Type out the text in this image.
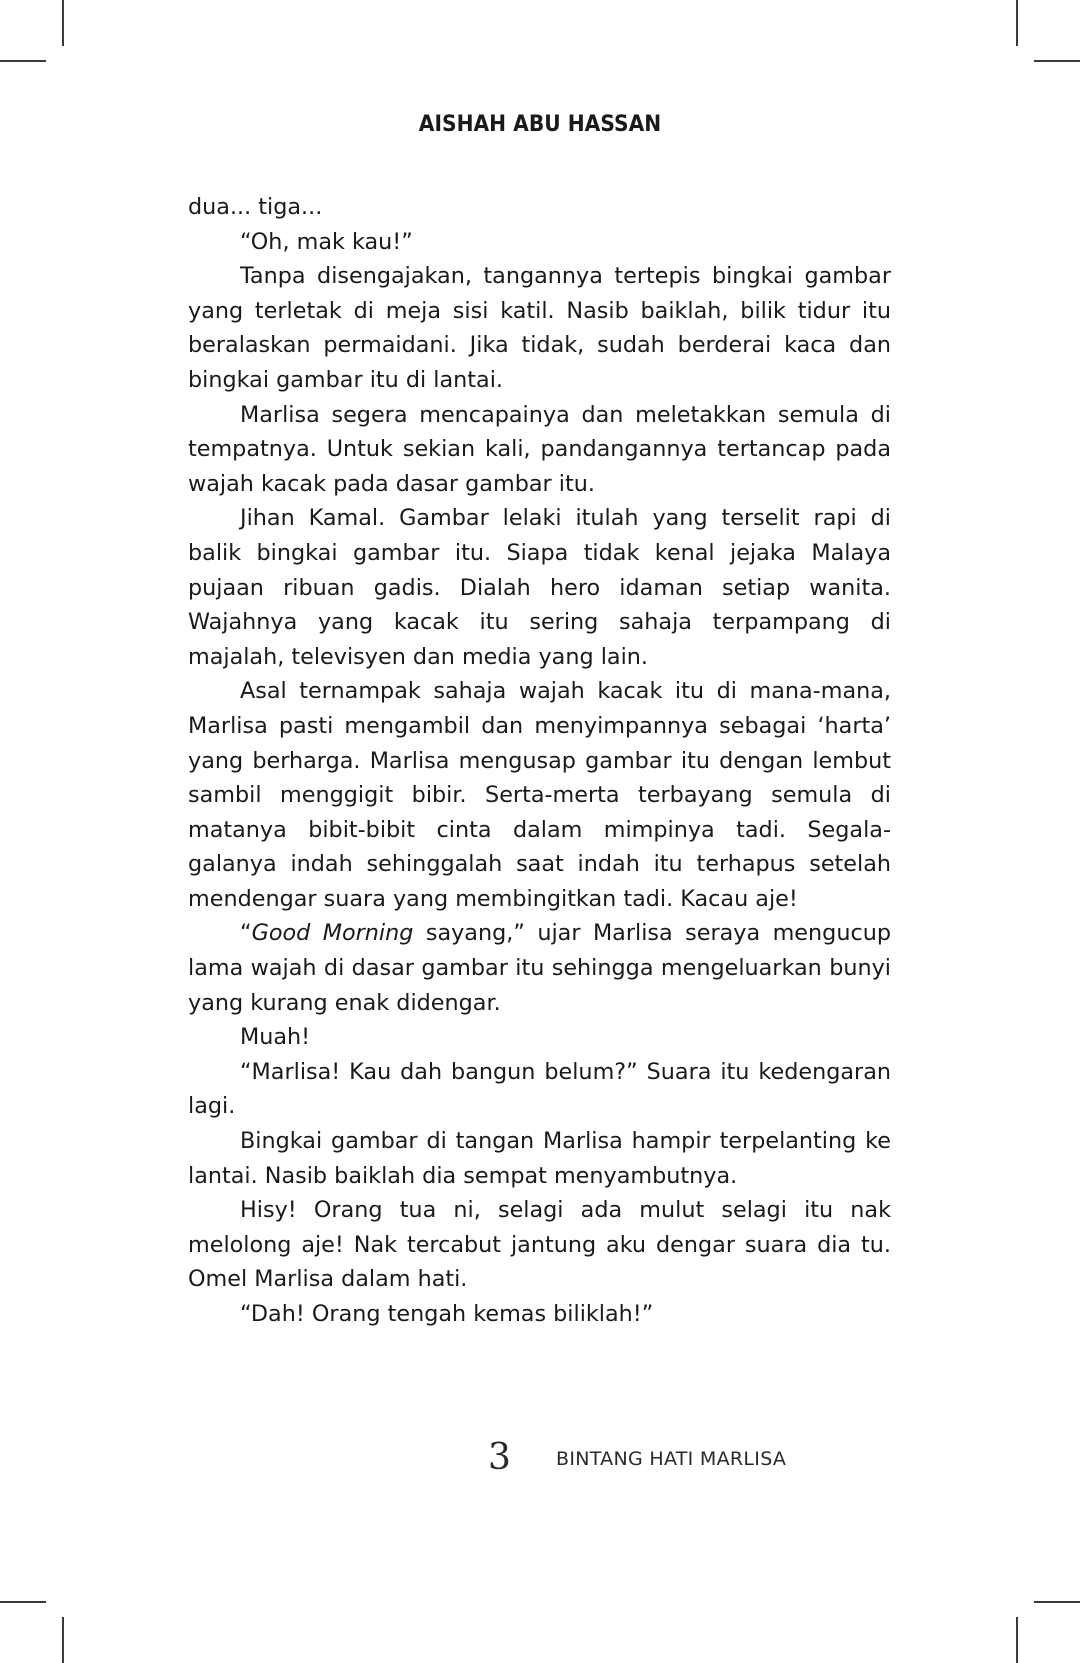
AISHAH ABU HASSAN

dua... tiga...

“Oh, mak kau!”

Tanpa disengajakan, tangannya tertepis bingkai gambar yang terletak di meja sisi katil. Nasib baiklah, bilik tidur itu beralaskan permaidani. Jika tidak, sudah berderai kaca dan bingkai gambar itu di lantai.

Marlisa segera mencapainya dan meletakkan semula di tempatnya. Untuk sekian kali, pandangannya tertancap pada wajah kacak pada dasar gambar itu.

Jihan Kamal. Gambar lelaki itulah yang terselit rapi di balik bingkai gambar itu. Siapa tidak kenal jejaka Malaya pujaan ribuan gadis. Dialah hero idaman setiap wanita. Wajahnya yang kacak itu sering sahaja terpampang di majalah, televisyen dan media yang lain.

Asal ternampak sahaja wajah kacak itu di mana-mana, Marlisa pasti mengambil dan menyimpannya sebagai ‘harta’ yang berharga. Marlisa mengusap gambar itu dengan lembut sambil menggigit bibir. Serta-merta terbayang semula di matanya bibit-bibit cinta dalam mimpinya tadi. Segala-galanya indah sehinggalah saat indah itu terhapus setelah mendengar suara yang membingitkan tadi. Kacau aje!

“Good Morning sayang,” ujar Marlisa seraya mengucup lama wajah di dasar gambar itu sehingga mengeluarkan bunyi yang kurang enak didengar.

Muah!

“Marlisa! Kau dah bangun belum?” Suara itu kedengaran lagi.

Bingkai gambar di tangan Marlisa hampir terpelanting ke lantai. Nasib baiklah dia sempat menyambutnya.

Hisy! Orang tua ni, selagi ada mulut selagi itu nak melolong aje! Nak tercabut jantung aku dengar suara dia tu. Omel Marlisa dalam hati.

“Dah! Orang tengah kemas biliklah!”

3 BINTANG HATI MARLISA
